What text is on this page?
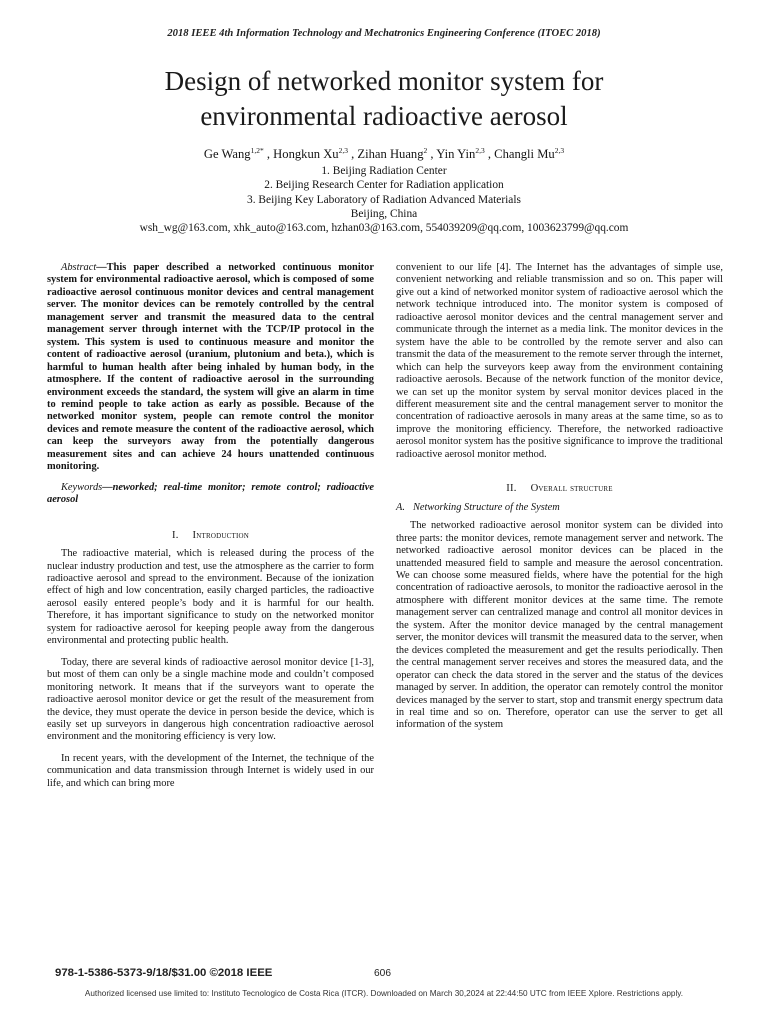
2018 IEEE 4th Information Technology and Mechatronics Engineering Conference (ITOEC 2018)
Design of networked monitor system for
environmental radioactive aerosol
Ge Wang$^{1,2*}$ , Hongkun Xu$^{2,3}$ , Zihan Huang$^2$ , Yin Yin$^{2,3}$ , Changli Mu$^{2,3}$
1. Beijing Radiation Center
2. Beijing Research Center for Radiation application
3. Beijing Key Laboratory of Radiation Advanced Materials
Beijing, China
wsh_wg@163.com, xhk_auto@163.com, hzhan03@163.com, 554039209@qq.com, 1003623799@qq.com

Abstract—This paper described a networked continuous monitor system for environmental radioactive aerosol, which is composed of some radioactive aerosol continuous monitor devices and central management server. The monitor devices can be remotely controlled by the central management server and transmit the measured data to the central management server through internet with the TCP/IP protocol in the system. This system is used to continuous measure and monitor the content of radioactive aerosol (uranium, plutonium and beta.), which is harmful to human health after being inhaled by human body, in the atmosphere. If the content of radioactive aerosol in the surrounding environment exceeds the standard, the system will give an alarm in time to remind people to take action as early as possible. Because of the networked monitor system, people can remote control the monitor devices and remote measure the content of the radioactive aerosol, which can keep the surveyors away from the potentially dangerous measurement sites and can achieve 24 hours unattended continuous monitoring.

Keywords—neworked; real-time monitor; remote control; radioactive aerosol

I. Introduction

The radioactive material, which is released during the process of the nuclear industry production and test, use the atmosphere as the carrier to form radioactive aerosol and spread to the environment. Because of the ionization effect of high and low concentration, easily charged particles, the radioactive aerosol easily entered people’s body and it is harmful for our health. Therefore, it has important significance to study on the networked monitor system for radioactive aerosol for keeping people away from the dangerous environmental and protecting public health.

Today, there are several kinds of radioactive aerosol monitor device [1-3], but most of them can only be a single machine mode and couldn’t composed monitoring network. It means that if the surveyors want to operate the radioactive aerosol monitor device or get the result of the measurement from the device, they must operate the device in person beside the device, which is easily set up surveyors in dangerous high concentration radioactive aerosol environment and the monitoring efficiency is very low.

In recent years, with the development of the Internet, the technique of the communication and data transmission through Internet is widely used in our life, and which can bring more

convenient to our life [4]. The Internet has the advantages of simple use, convenient networking and reliable transmission and so on. This paper will give out a kind of networked monitor system of radioactive aerosol which the network technique introduced into. The monitor system is composed of radioactive aerosol monitor devices and the central management server and communicate through the internet as a media link. The monitor devices in the system have the able to be controlled by the remote server and also can transmit the data of the measurement to the remote server through the internet, which can help the surveyors keep away from the environment containing radioactive aerosols. Because of the network function of the monitor device, we can set up the monitor system by serval monitor devices placed in the different measurement site and the central management server to monitor the concentration of radioactive aerosols in many areas at the same time, so as to improve the monitoring efficiency. Therefore, the networked radioactive aerosol monitor system has the positive significance to improve the traditional radioactive aerosol monitor method.

II. Overall structure

A. Networking Structure of the System

The networked radioactive aerosol monitor system can be divided into three parts: the monitor devices, remote management server and network. The networked radioactive aerosol monitor devices can be placed in the unattended measured field to sample and measure the aerosol concentration. We can choose some measured fields, where have the potential for the high concentration of radioactive aerosols, to monitor the radioactive aerosol in the atmosphere with different monitor devices at the same time. The remote management server can centralized manage and control all monitor devices in the system. After the monitor device managed by the central management server, the monitor devices will transmit the measured data to the server, when the devices completed the measurement and get the results periodically. Then the central management server receives and stores the measured data, and the operator can check the data stored in the server and the status of the devices managed by server. In addition, the operator can remotely control the monitor devices managed by the server to start, stop and transmit energy spectrum data in real time and so on. Therefore, operator can use the server to get all information of the system

978-1-5386-5373-9/18/$31.00 ©2018 IEEE	606
Authorized licensed use limited to: Instituto Tecnologico de Costa Rica (ITCR). Downloaded on March 30,2024 at 22:44:50 UTC from IEEE Xplore. Restrictions apply.
